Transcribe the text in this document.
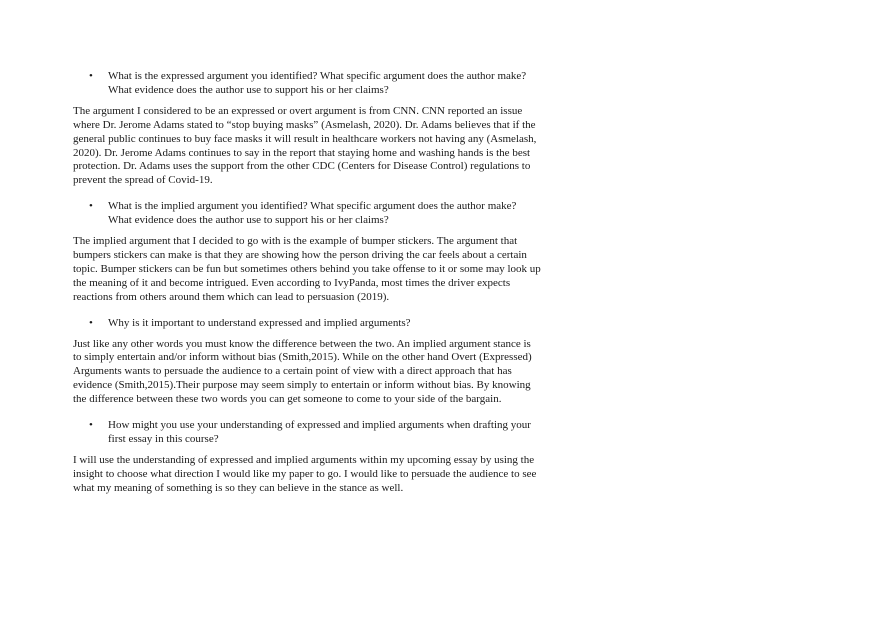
• What is the expressed argument you identified? What specific argument does the author make? What evidence does the author use to support his or her claims?

The argument I considered to be an expressed or overt argument is from CNN. CNN reported an issue where Dr. Jerome Adams stated to “stop buying masks” (Asmelash, 2020). Dr. Adams believes that if the general public continues to buy face masks it will result in healthcare workers not having any (Asmelash, 2020). Dr. Jerome Adams continues to say in the report that staying home and washing hands is the best protection. Dr. Adams uses the support from the other CDC (Centers for Disease Control) regulations to prevent the spread of Covid-19.

• What is the implied argument you identified? What specific argument does the author make? What evidence does the author use to support his or her claims?

The implied argument that I decided to go with is the example of bumper stickers. The argument that bumpers stickers can make is that they are showing how the person driving the car feels about a certain topic. Bumper stickers can be fun but sometimes others behind you take offense to it or some may look up the meaning of it and become intrigued. Even according to IvyPanda, most times the driver expects reactions from others around them which can lead to persuasion (2019).

• Why is it important to understand expressed and implied arguments?

Just like any other words you must know the difference between the two. An implied argument stance is to simply entertain and/or inform without bias (Smith,2015). While on the other hand Overt (Expressed) Arguments wants to persuade the audience to a certain point of view with a direct approach that has evidence (Smith,2015).Their purpose may seem simply to entertain or inform without bias. By knowing the difference between these two words you can get someone to come to your side of the bargain.

• How might you use your understanding of expressed and implied arguments when drafting your first essay in this course?

I will use the understanding of expressed and implied arguments within my upcoming essay by using the insight to choose what direction I would like my paper to go. I would like to persuade the audience to see what my meaning of something is so they can believe in the stance as well.
